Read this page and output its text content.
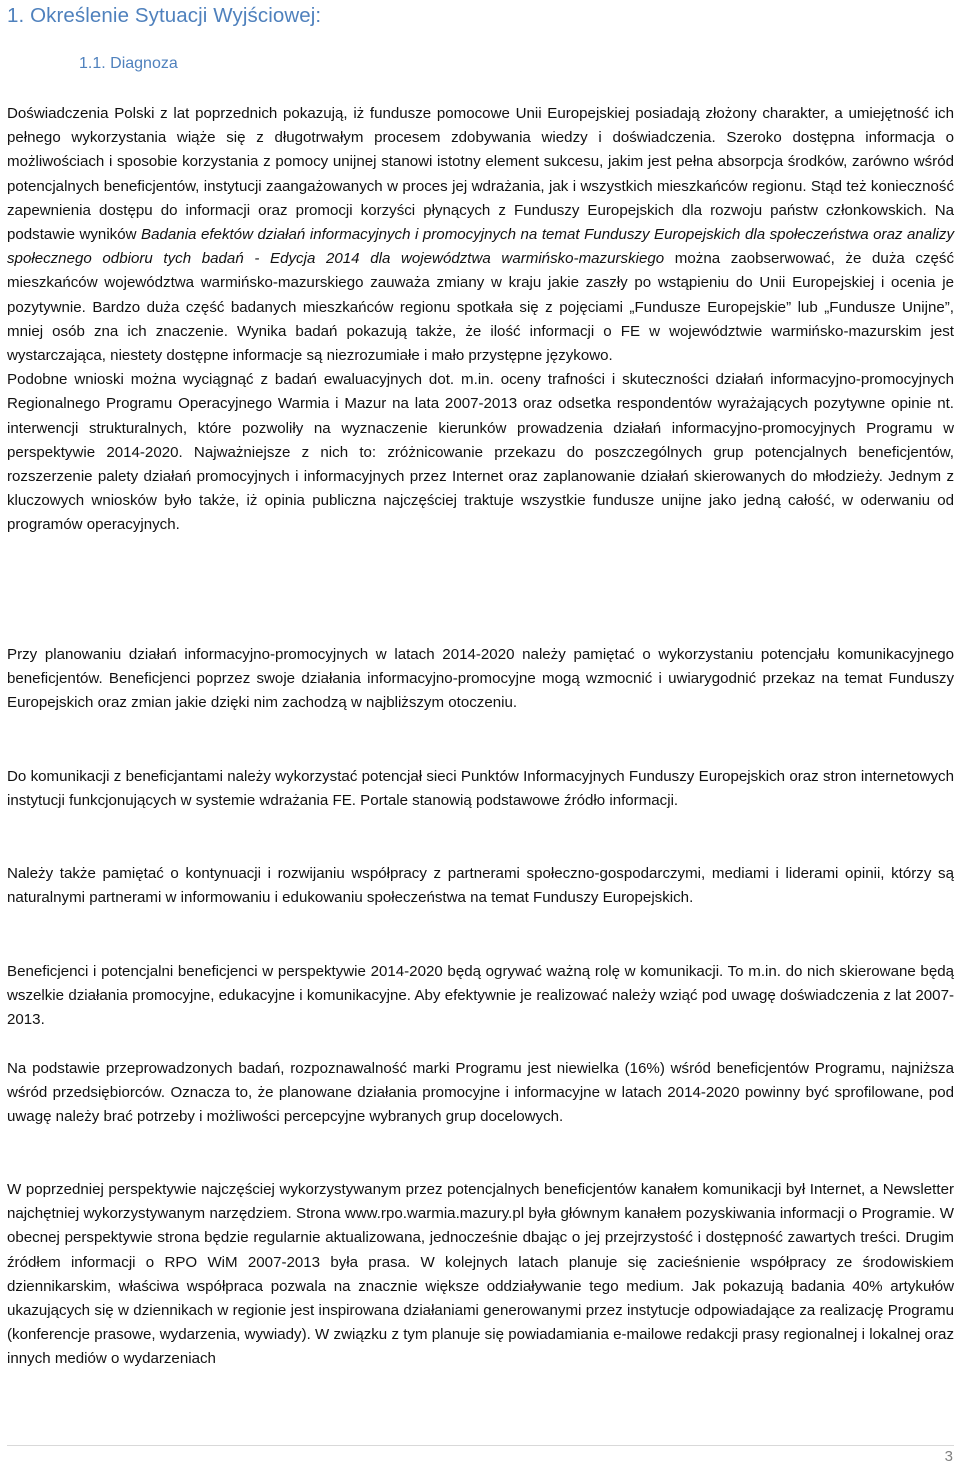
1. Określenie Sytuacji Wyjściowej:
1.1. Diagnoza

Doświadczenia Polski z lat poprzednich pokazują, iż fundusze pomocowe Unii Europejskiej posiadają złożony charakter, a umiejętność ich pełnego wykorzystania wiąże się z długotrwałym procesem zdobywania wiedzy i doświadczenia. Szeroko dostępna informacja o możliwościach i sposobie korzystania z pomocy unijnej stanowi istotny element sukcesu, jakim jest pełna absorpcja środków, zarówno wśród potencjalnych beneficjentów, instytucji zaangażowanych w proces jej wdrażania, jak i wszystkich mieszkańców regionu. Stąd też konieczność zapewnienia dostępu do informacji oraz promocji korzyści płynących z Funduszy Europejskich dla rozwoju państw członkowskich. Na podstawie wyników Badania efektów działań informacyjnych i promocyjnych na temat Funduszy Europejskich dla społeczeństwa oraz analizy społecznego odbioru tych badań - Edycja 2014 dla województwa warmińsko-mazurskiego można zaobserwować, że duża część mieszkańców województwa warmińsko-mazurskiego zauważa zmiany w kraju jakie zaszły po wstąpieniu do Unii Europejskiej i ocenia je pozytywnie. Bardzo duża część badanych mieszkańców regionu spotkała się z pojęciami „Fundusze Europejskie” lub „Fundusze Unijne”, mniej osób zna ich znaczenie. Wynika badań pokazują także, że ilość informacji o FE w województwie warmińsko-mazurskim jest wystarczająca, niestety dostępne informacje są niezrozumiałe i mało przystępne językowo.
Podobne wnioski można wyciągnąć z badań ewaluacyjnych dot. m.in. oceny trafności i skuteczności działań informacyjno-promocyjnych Regionalnego Programu Operacyjnego Warmia i Mazur na lata 2007-2013 oraz odsetka respondentów wyrażających pozytywne opinie nt. interwencji strukturalnych, które pozwoliły na wyznaczenie kierunków prowadzenia działań informacyjno-promocyjnych Programu w perspektywie 2014-2020. Najważniejsze z nich to: zróżnicowanie przekazu do poszczególnych grup potencjalnych beneficjentów, rozszerzenie palety działań promocyjnych i informacyjnych przez Internet oraz zaplanowanie działań skierowanych do młodzieży. Jednym z kluczowych wniosków było także, iż opinia publiczna najczęściej traktuje wszystkie fundusze unijne jako jedną całość, w oderwaniu od programów operacyjnych.

Przy planowaniu działań informacyjno-promocyjnych w latach 2014-2020 należy pamiętać o wykorzystaniu potencjału komunikacyjnego beneficjentów. Beneficjenci poprzez swoje działania informacyjno-promocyjne mogą wzmocnić i uwiarygodnić przekaz na temat Funduszy Europejskich oraz zmian jakie dzięki nim zachodzą w najbliższym otoczeniu.

Do komunikacji z beneficjantami należy wykorzystać potencjał sieci Punktów Informacyjnych Funduszy Europejskich oraz stron internetowych instytucji funkcjonujących w systemie wdrażania FE. Portale stanowią podstawowe źródło informacji.

Należy także pamiętać o kontynuacji i rozwijaniu współpracy z partnerami społeczno-gospodarczymi, mediami i liderami opinii, którzy są naturalnymi partnerami w informowaniu i edukowaniu społeczeństwa na temat Funduszy Europejskich.

Beneficjenci i potencjalni beneficjenci w perspektywie 2014-2020 będą ogrywać ważną rolę w komunikacji. To m.in. do nich skierowane będą wszelkie działania promocyjne, edukacyjne i komunikacyjne. Aby efektywnie je realizować należy wziąć pod uwagę doświadczenia z lat 2007-2013.

Na podstawie przeprowadzonych badań, rozpoznawalność marki Programu jest niewielka (16%) wśród beneficjentów Programu, najniższa wśród przedsiębiorców. Oznacza to, że planowane działania promocyjne i informacyjne w latach 2014-2020 powinny być sprofilowane, pod uwagę należy brać potrzeby i możliwości percepcyjne wybranych grup docelowych.

W poprzedniej perspektywie najczęściej wykorzystywanym przez potencjalnych beneficjentów kanałem komunikacji był Internet, a Newsletter najchętniej wykorzystywanym narzędziem. Strona www.rpo.warmia.mazury.pl była głównym kanałem pozyskiwania informacji o Programie. W obecnej perspektywie strona będzie regularnie aktualizowana, jednocześnie dbając o jej przejrzystość i dostępność zawartych treści. Drugim źródłem informacji o RPO WiM 2007-2013 była prasa. W kolejnych latach planuje się zacieśnienie współpracy ze środowiskiem dziennikarskim, właściwa współpraca pozwala na znacznie większe oddziaływanie tego medium. Jak pokazują badania 40% artykułów ukazujących się w dziennikach w regionie jest inspirowana działaniami generowanymi przez instytucje odpowiadające za realizację Programu (konferencje prasowe, wydarzenia, wywiady). W związku z tym planuje się powiadamiania e-mailowe redakcji prasy regionalnej i lokalnej oraz innych mediów o wydarzeniach

3
